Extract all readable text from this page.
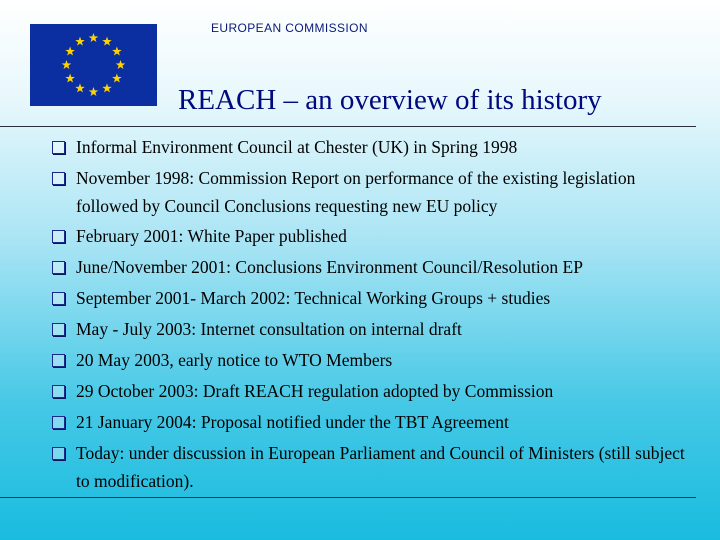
EUROPEAN COMMISSION
REACH – an overview of its history
Informal Environment Council at Chester (UK) in Spring 1998
November 1998: Commission Report on performance of the existing legislation followed by Council Conclusions requesting new EU policy
February 2001: White Paper published
June/November 2001: Conclusions Environment Council/Resolution EP
September 2001- March 2002: Technical Working Groups + studies
May - July 2003: Internet consultation on internal draft
20 May 2003, early notice to WTO Members
29 October 2003: Draft REACH regulation adopted by Commission
21 January 2004: Proposal notified under the TBT Agreement
Today: under discussion in European Parliament and Council of Ministers (still subject to modification).
